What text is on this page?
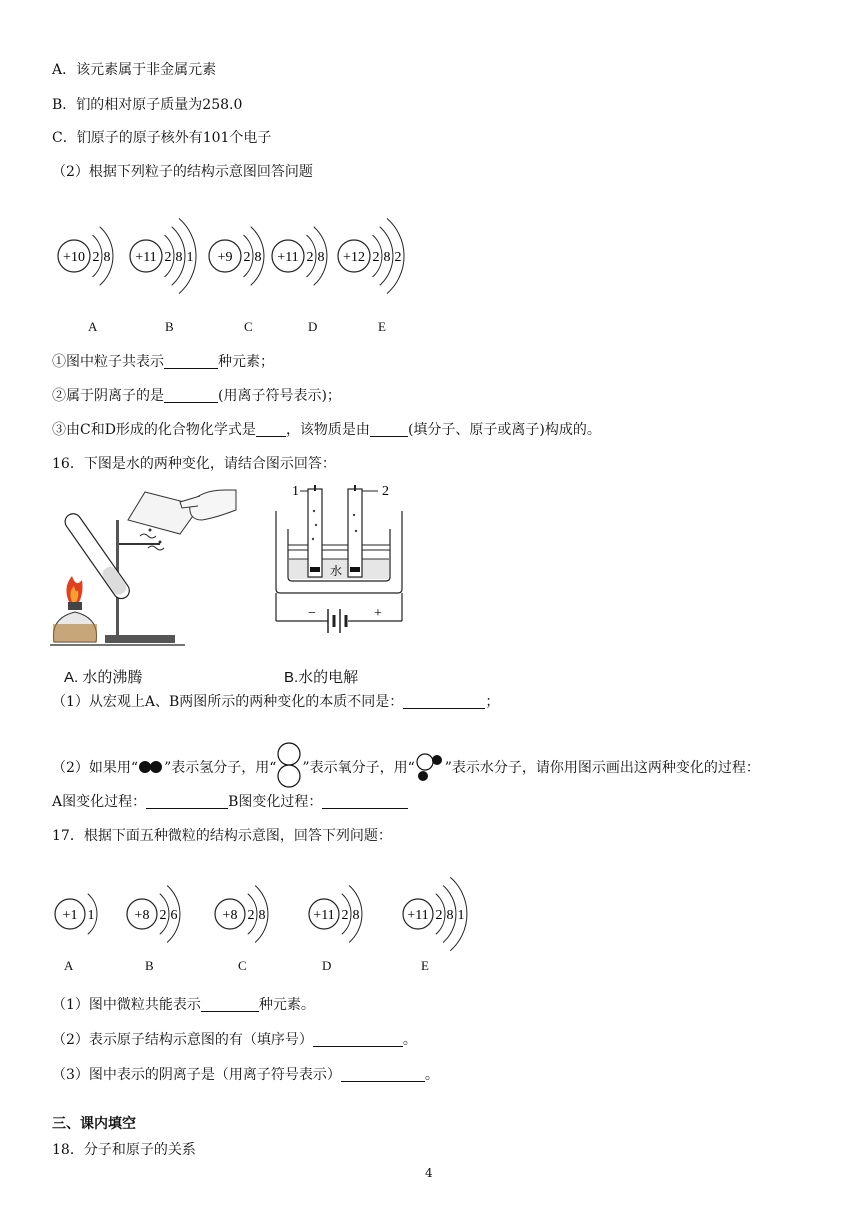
A．该元素属于非金属元素
B．钔的相对原子质量为258.0
C．钔原子的原子核外有101个电子
（2）根据下列粒子的结构示意图回答问题
+10 2 8 +11 2 8 1 +9 2 8 +11 2 8 +12 2 8 2
A	B	C	D	E
①图中粒子共表示	种元素；
②属于阴离子的是	(用离子符号表示)；
③由C和D形成的化合物化学式是 ，该物质是由	(填分子、原子或离子)构成的。
16．下图是水的两种变化，请结合图示回答：
1	2
水
−	+
A. 水的沸腾	B.水的电解
（1）从宏观上A、B两图所示的两种变化的本质不同是：	；
（2）如果用“ ”表示氢分子，用“ ”表示氧分子，用“ ”表示水分子，请你用图示画出这两种变化的过程：
A图变化过程：	B图变化过程：
17．根据下面五种微粒的结构示意图，回答下列问题：
+1 1	+8 2 6	+8 2 8	+11 2 8	+11 2 8 1
A	B	C	D	E
（1）图中微粒共能表示	种元素。
（2）表示原子结构示意图的有（填序号）	。
（3）图中表示的阴离子是（用离子符号表示）	。
三、课内填空
18．分子和原子的关系
4
